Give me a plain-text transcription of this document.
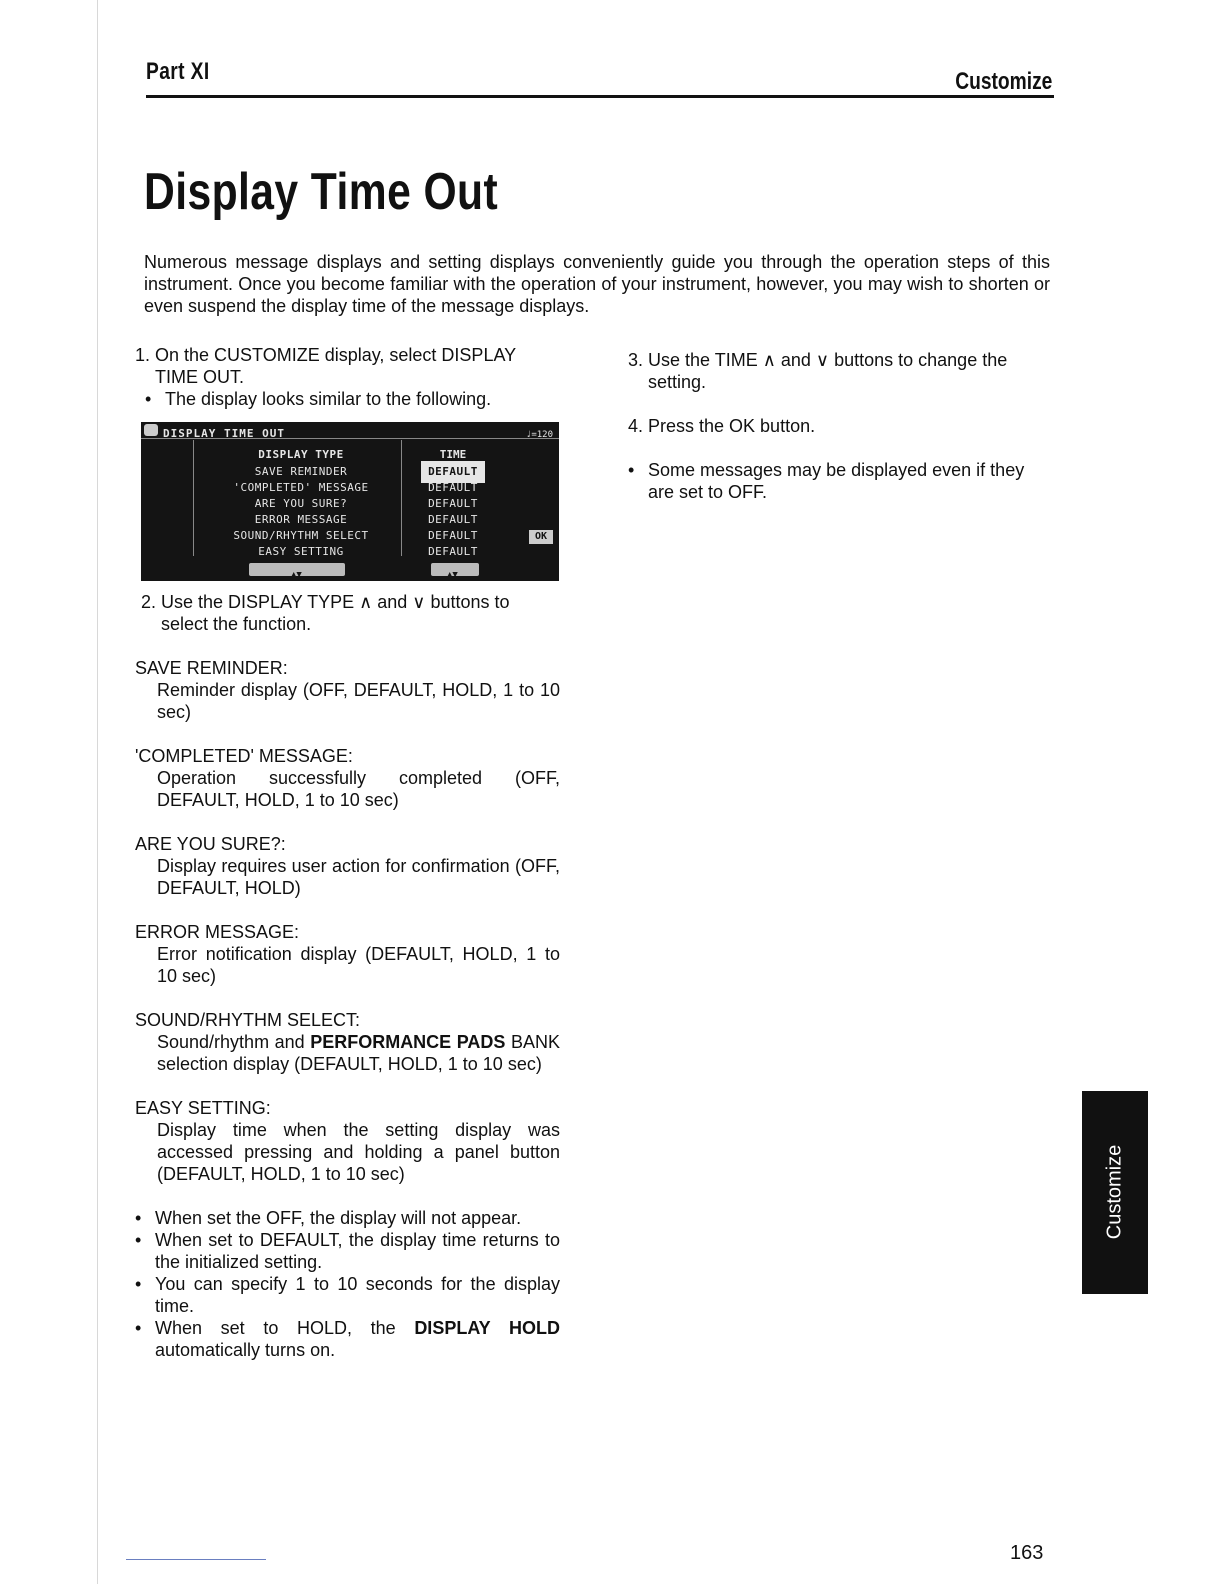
Part XI	Customize
Display Time Out

Numerous message displays and setting displays conveniently guide you through the operation steps of this instrument. Once you become familiar with the operation of your instrument, however, you may wish to shorten or even suspend the display time of the message displays.

1. On the CUSTOMIZE display, select DISPLAY TIME OUT.
• The display looks similar to the following.
DISPLAY TIME OUT	♩=120
DISPLAY TYPE	TIME
SAVE REMINDER	DEFAULT
'COMPLETED' MESSAGE	DEFAULT
ARE YOU SURE?	DEFAULT
ERROR MESSAGE	DEFAULT
SOUND/RHYTHM SELECT	DEFAULT
EASY SETTING	DEFAULT
OK
▲▼	▲▼
2. Use the DISPLAY TYPE ∧ and ∨ buttons to select the function.

SAVE REMINDER:

Reminder display (OFF, DEFAULT, HOLD, 1 to 10 sec)

'COMPLETED' MESSAGE:

Operation successfully completed (OFF, DEFAULT, HOLD, 1 to 10 sec)

ARE YOU SURE?:

Display requires user action for confirmation (OFF, DEFAULT, HOLD)

ERROR MESSAGE:

Error notification display (DEFAULT, HOLD, 1 to 10 sec)

SOUND/RHYTHM SELECT:

Sound/rhythm and PERFORMANCE PADS BANK selection display (DEFAULT, HOLD, 1 to 10 sec)

EASY SETTING:

Display time when the setting display was accessed pressing and holding a panel button (DEFAULT, HOLD, 1 to 10 sec)

• When set the OFF, the display will not appear.
• When set to DEFAULT, the display time returns to the initialized setting.
• You can specify 1 to 10 seconds for the display time.
• When set to HOLD, the DISPLAY HOLD automatically turns on.
3. Use the TIME ∧ and ∨ buttons to change the setting.
4. Press the OK button.
• Some messages may be displayed even if they are set to OFF.
Customize
163
